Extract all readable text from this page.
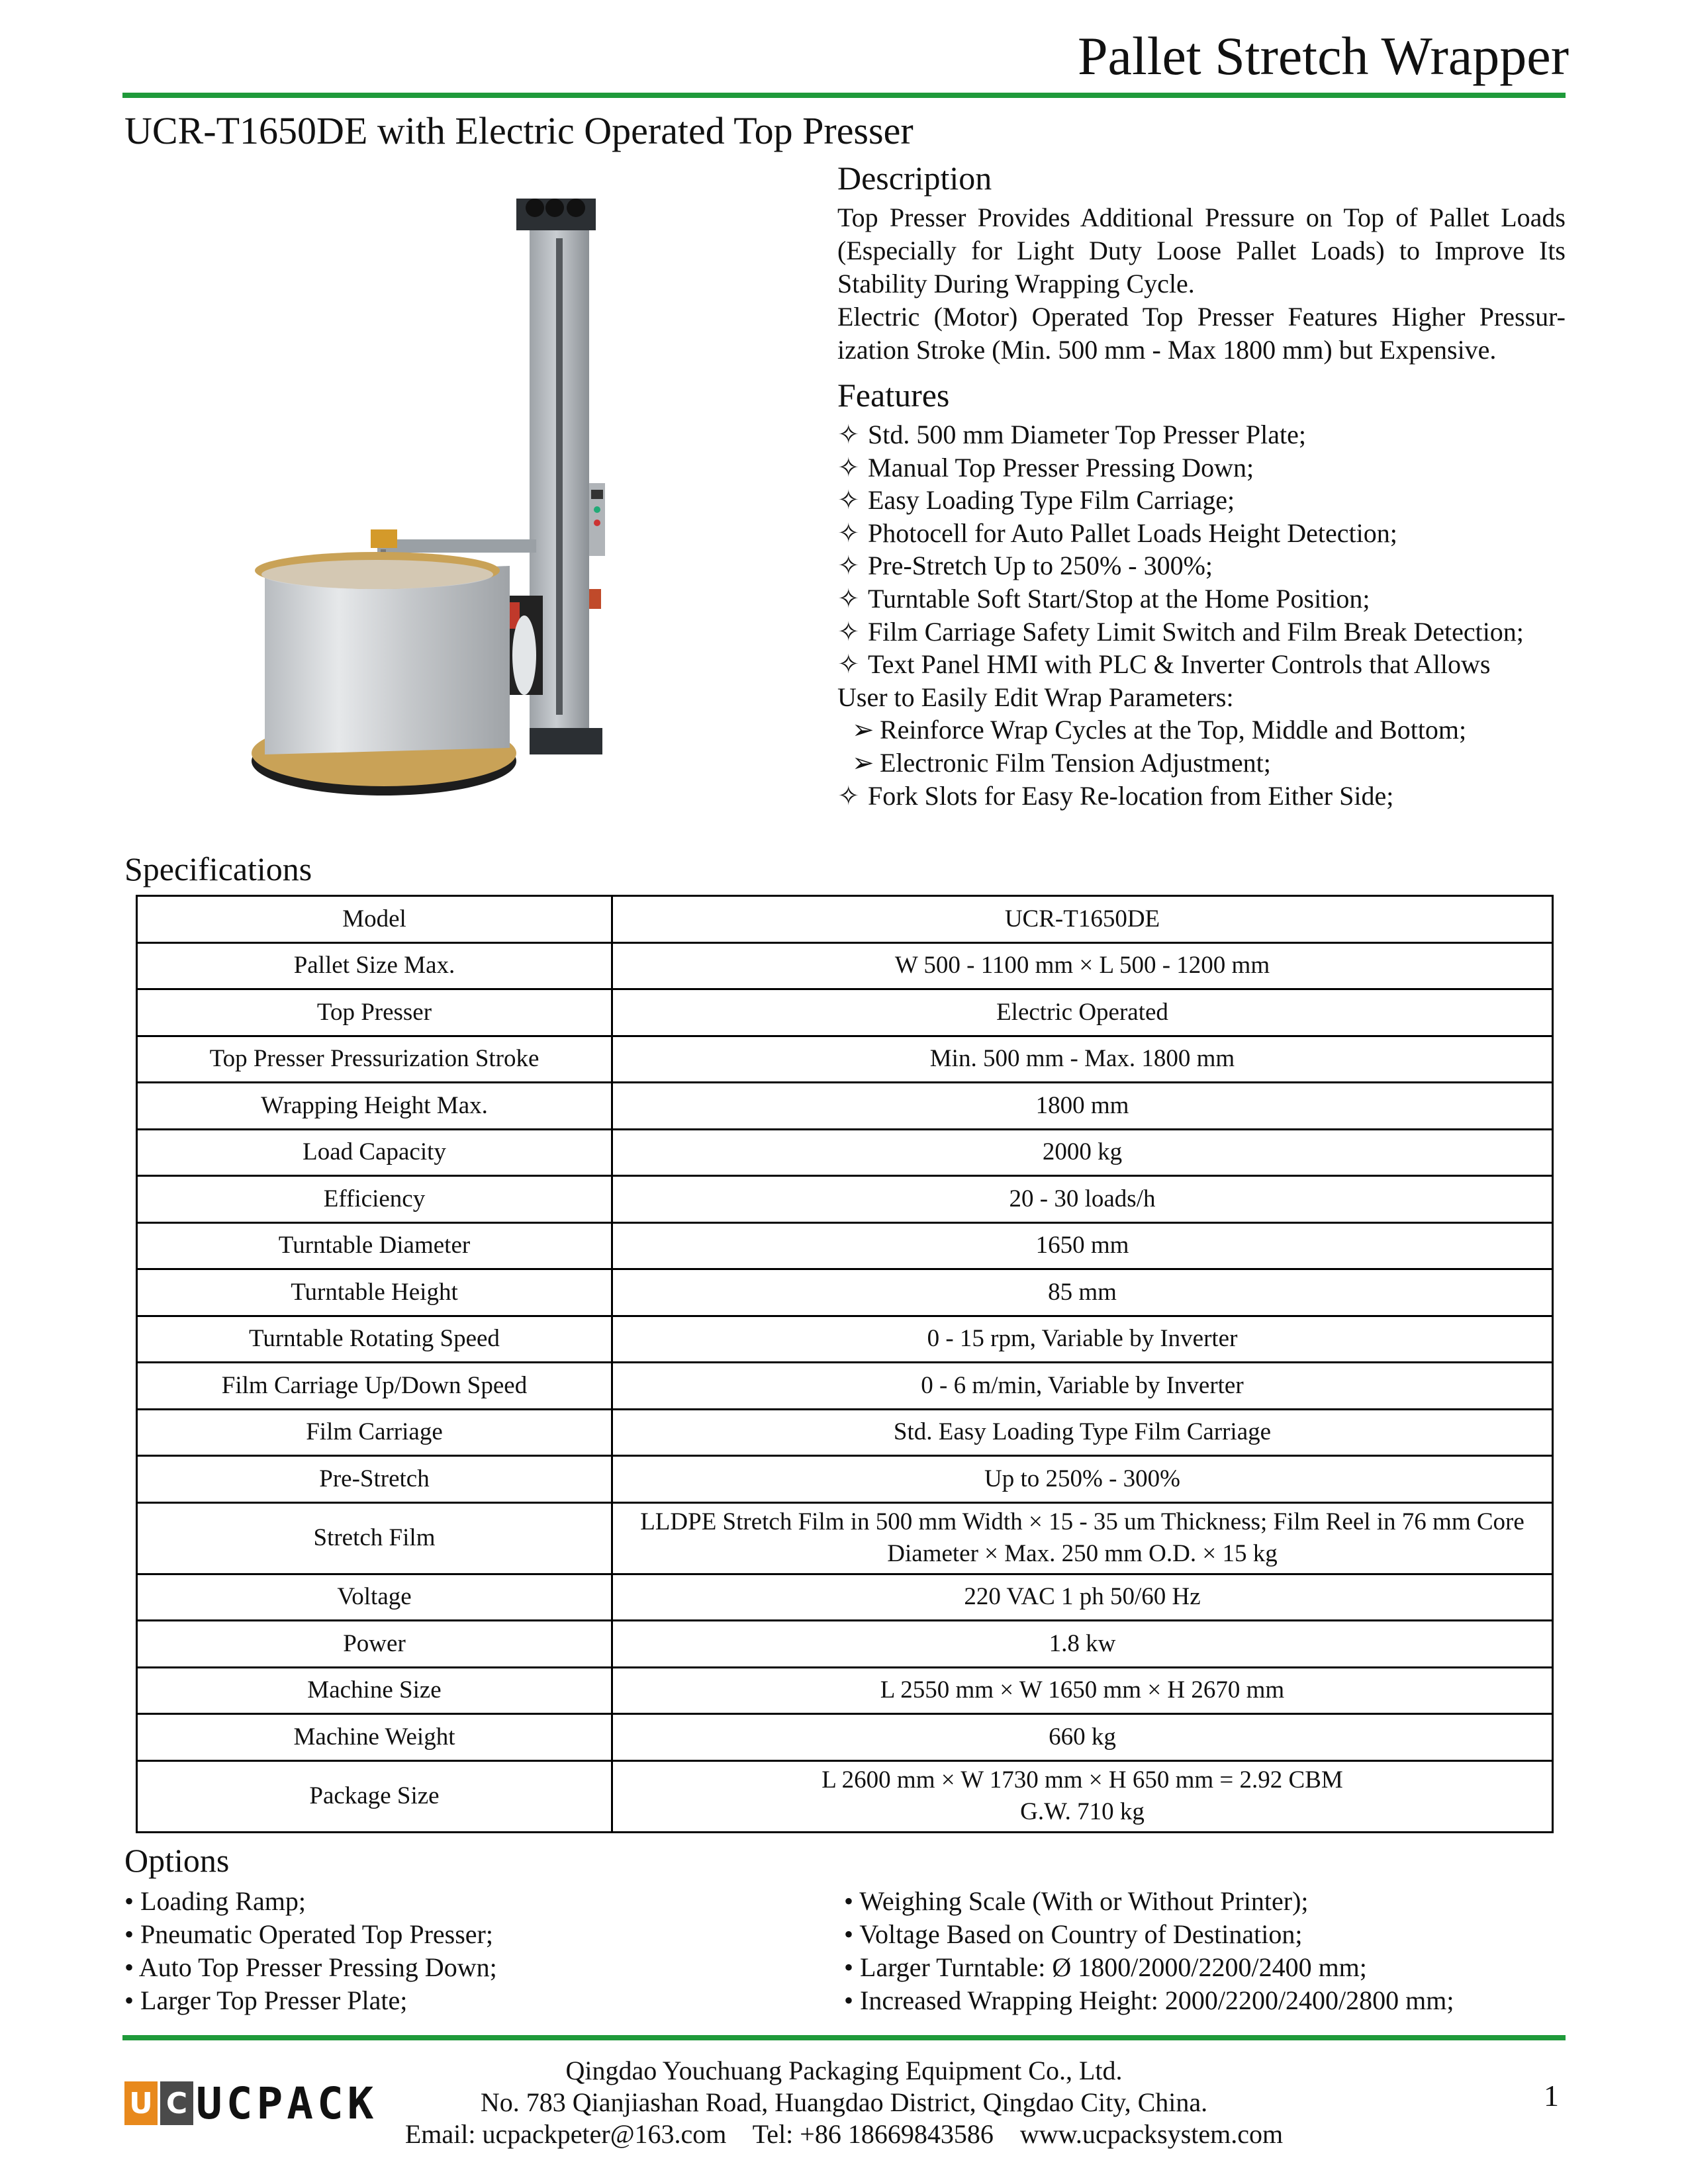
Pallet Stretch Wrapper
UCR-T1650DE with Electric Operated Top Presser
Description
Top Presser Provides Additional Pressure on Top of Pallet Loads
(Especially for Light Duty Loose Pallet Loads) to Improve Its
Stability During Wrapping Cycle.
Electric (Motor) Operated Top Presser Features Higher Pressur-
ization Stroke (Min. 500 mm - Max 1800 mm) but Expensive.
Features
✧ Std. 500 mm Diameter Top Presser Plate;
✧ Manual Top Presser Pressing Down;
✧ Easy Loading Type Film Carriage;
✧ Photocell for Auto Pallet Loads Height Detection;
✧ Pre-Stretch Up to 250% - 300%;
✧ Turntable Soft Start/Stop at the Home Position;
✧ Film Carriage Safety Limit Switch and Film Break Detection;
✧ Text Panel HMI with PLC & Inverter Controls that Allows
User to Easily Edit Wrap Parameters:
➢ Reinforce Wrap Cycles at the Top, Middle and Bottom;
➢ Electronic Film Tension Adjustment;
✧ Fork Slots for Easy Re-location from Either Side;
Specifications
Model	UCR-T1650DE

Pallet Size Max.	W 500 - 1100 mm × L 500 - 1200 mm

Top Presser	Electric Operated

Top Presser Pressurization Stroke	Min. 500 mm - Max. 1800 mm

Wrapping Height Max.	1800 mm

Load Capacity	2000 kg

Efficiency	20 - 30 loads/h

Turntable Diameter	1650 mm

Turntable Height	85 mm

Turntable Rotating Speed	0 - 15 rpm, Variable by Inverter

Film Carriage Up/Down Speed	0 - 6 m/min, Variable by Inverter

Film Carriage	Std. Easy Loading Type Film Carriage

Pre-Stretch	Up to 250% - 300%

Stretch Film	LLDPE Stretch Film in 500 mm Width × 15 - 35 um Thickness; Film Reel in 76 mm Core
Diameter × Max. 250 mm O.D. × 15 kg

Voltage	220 VAC 1 ph 50/60 Hz

Power	1.8 kw

Machine Size	L 2550 mm × W 1650 mm × H 2670 mm

Machine Weight	660 kg

Package Size	L 2600 mm × W 1730 mm × H 650 mm = 2.92 CBM
G.W. 710 kg
Options
• Loading Ramp;
• Pneumatic Operated Top Presser;
• Auto Top Presser Pressing Down;
• Larger Top Presser Plate;
• Weighing Scale (With or Without Printer);
• Voltage Based on Country of Destination;
• Larger Turntable: Ø 1800/2000/2200/2400 mm;
• Increased Wrapping Height: 2000/2200/2400/2800 mm;
U C UCPACK
Qingdao Youchuang Packaging Equipment Co., Ltd.
No. 783 Qianjiashan Road, Huangdao District, Qingdao City, China.
Email: ucpackpeter@163.com    Tel: +86 18669843586    www.ucpacksystem.com
1
